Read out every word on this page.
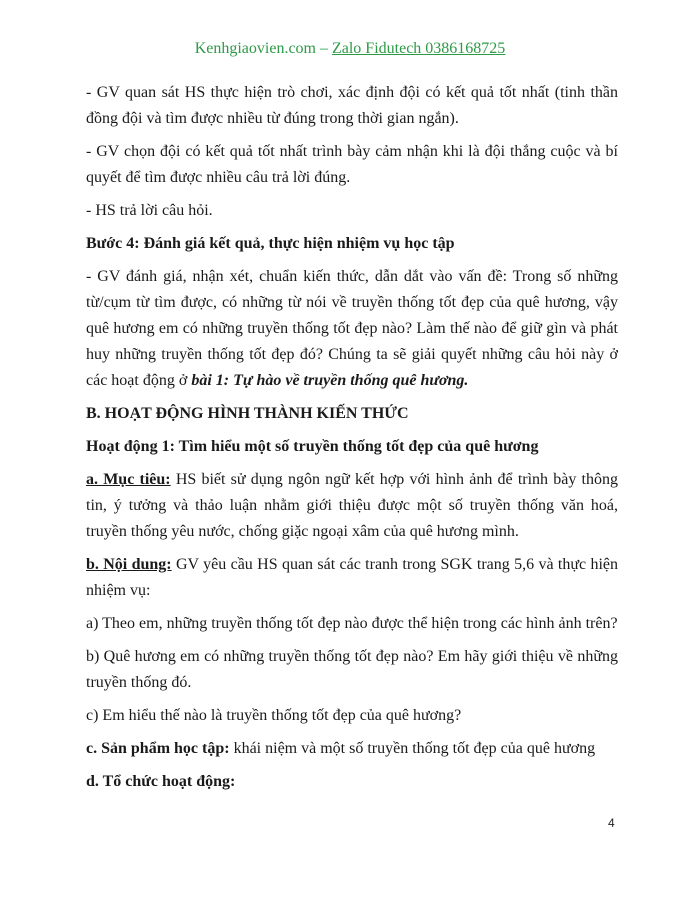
Kenhgiaovien.com – Zalo Fidutech 0386168725

- GV quan sát HS thực hiện trò chơi, xác định đội có kết quả tốt nhất (tinh thần đồng đội và tìm được nhiều từ đúng trong thời gian ngắn).

- GV chọn đội có kết quả tốt nhất trình bày cảm nhận khi là đội thắng cuộc và bí quyết để tìm được nhiều câu trả lời đúng.

- HS trả lời câu hỏi.

Bước 4: Đánh giá kết quả, thực hiện nhiệm vụ học tập

- GV đánh giá, nhận xét, chuẩn kiến thức, dẫn dắt vào vấn đề: Trong số những từ/cụm từ tìm được, có những từ nói về truyền thống tốt đẹp của quê hương, vậy quê hương em có những truyền thống tốt đẹp nào? Làm thế nào để giữ gìn và phát huy những truyền thống tốt đẹp đó? Chúng ta sẽ giải quyết những câu hỏi này ở các hoạt động ở bài 1: Tự hào về truyền thống quê hương.

B. HOẠT ĐỘNG HÌNH THÀNH KIẾN THỨC

Hoạt động 1: Tìm hiểu một số truyền thống tốt đẹp của quê hương

a. Mục tiêu: HS biết sử dụng ngôn ngữ kết hợp với hình ảnh để trình bày thông tin, ý tưởng và thảo luận nhằm giới thiệu được một số truyền thống văn hoá, truyền thống yêu nước, chống giặc ngoại xâm của quê hương mình.

b. Nội dung: GV yêu cầu HS quan sát các tranh trong SGK trang 5,6 và thực hiện nhiệm vụ:

a) Theo em, những truyền thống tốt đẹp nào được thể hiện trong các hình ảnh trên?

b) Quê hương em có những truyền thống tốt đẹp nào? Em hãy giới thiệu về những truyền thống đó.

c) Em hiểu thế nào là truyền thống tốt đẹp của quê hương?

c. Sản phẩm học tập: khái niệm và một số truyền thống tốt đẹp của quê hương

d. Tổ chức hoạt động:

4
